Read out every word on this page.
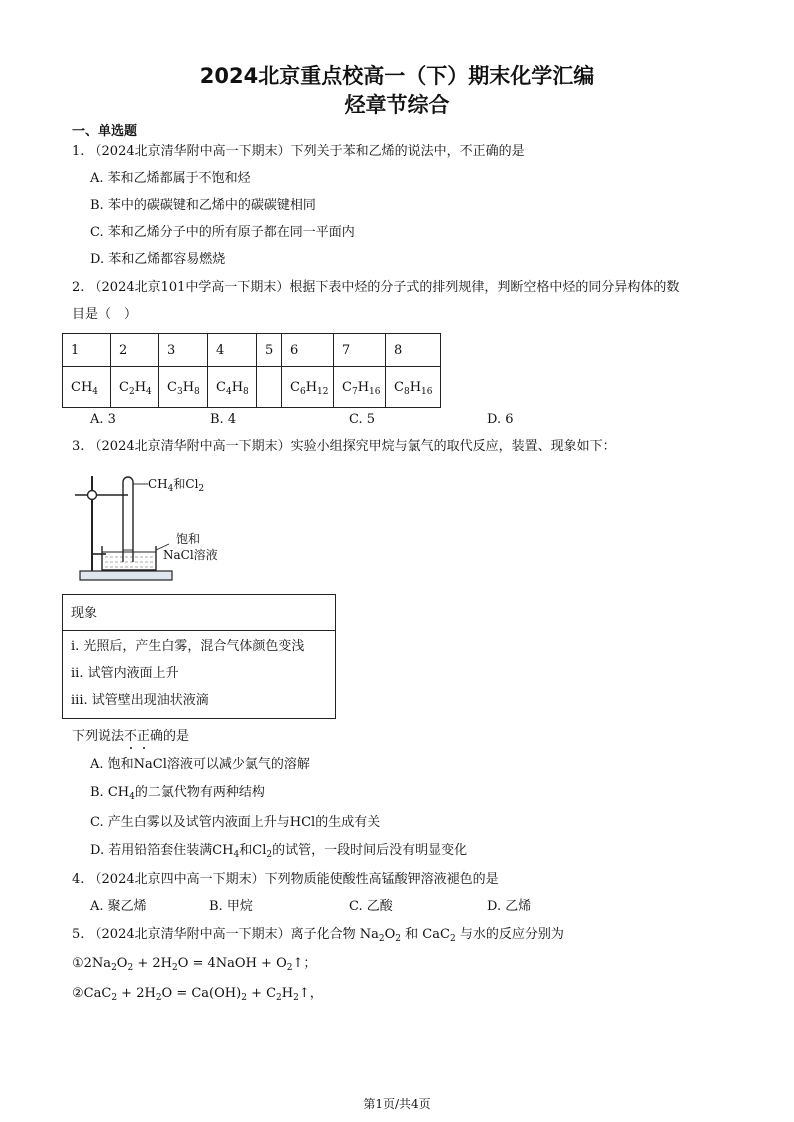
2024北京重点校高一（下）期末化学汇编
烃章节综合
一、单选题
1. （2024北京清华附中高一下期末）下列关于苯和乙烯的说法中，不正确的是
A. 苯和乙烯都属于不饱和烃
B. 苯中的碳碳键和乙烯中的碳碳键相同
C. 苯和乙烯分子中的所有原子都在同一平面内
D. 苯和乙烯都容易燃烧
2. （2024北京101中学高一下期末）根据下表中烃的分子式的排列规律，判断空格中烃的同分异构体的数
目是（　）
1	2	3	4	5	6	7	8
$CH_4$	$C_2H_4$	$C_3H_8$	$C_4H_8$		$C_6H_{12}$	$C_7H_{16}$	$C_8H_{16}$
A. 3	B. 4	C. 5	D. 6
3. （2024北京清华附中高一下期末）实验小组探究甲烷与氯气的取代反应，装置、现象如下：
$CH_4$和$Cl_2$
饱和
NaCl溶液
现象

i. 光照后，产生白雾，混合气体颜色变浅
ii. 试管内液面上升
iii. 试管壁出现油状液滴
下列说法不正确的是
A. 饱和NaCl溶液可以减少氯气的溶解
B. $CH_4$的二氯代物有两种结构
C. 产生白雾以及试管内液面上升与HCl的生成有关
D. 若用铅箔套住装满$CH_4$和$Cl_2$的试管，一段时间后没有明显变化
4. （2024北京四中高一下期末）下列物质能使酸性高锰酸钾溶液褪色的是
A. 聚乙烯	B. 甲烷	C. 乙酸	D. 乙烯
5. （2024北京清华附中高一下期末）离子化合物 $Na_2O_2$ 和 CaC$_2$ 与水的反应分别为
$①2Na_2O_2 + 2H_2O$ = 4NaOH + $O_2↑$；
②CaC$_2$ + $2H_2O = Ca(OH)_2$ + $C_2H_2↑$，
第1页/共4页
